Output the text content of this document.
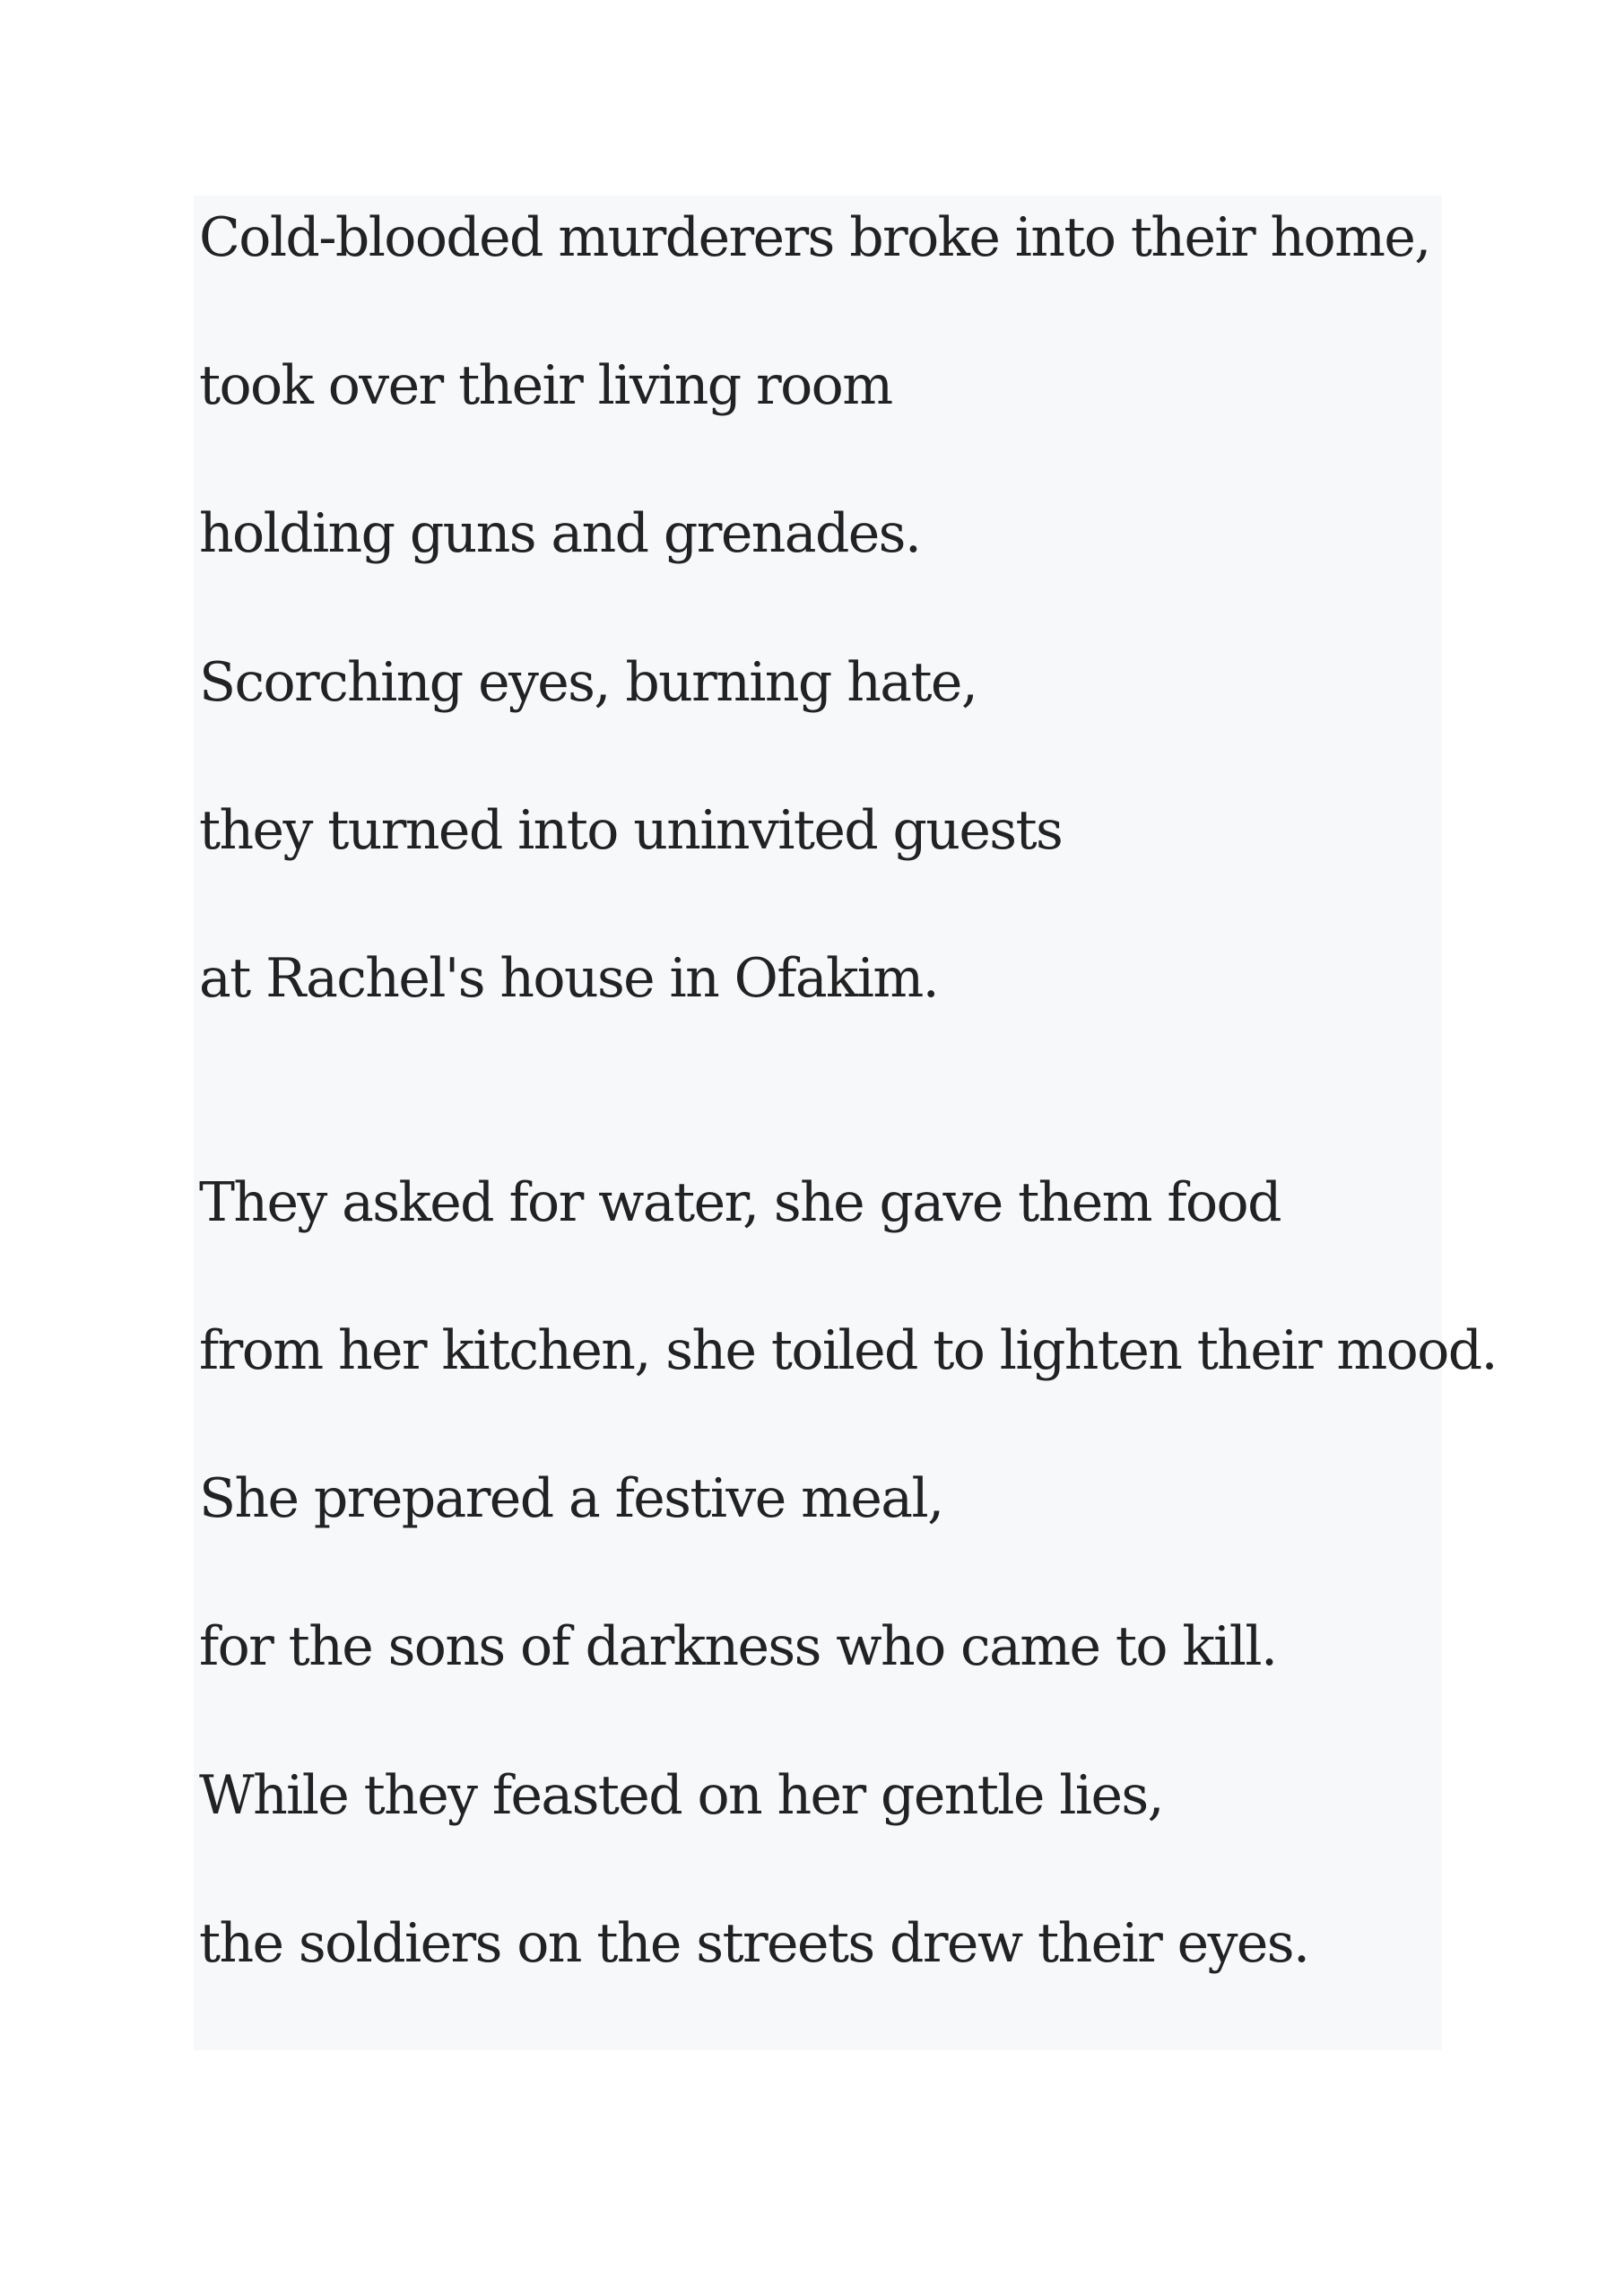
Cold-blooded murderers broke into their home,

took over their living room

holding guns and grenades.

Scorching eyes, burning hate,

they turned into uninvited guests

at Rachel's house in Ofakim.

They asked for water, she gave them food

from her kitchen, she toiled to lighten their mood.

She prepared a festive meal,

for the sons of darkness who came to kill.

While they feasted on her gentle lies,

the soldiers on the streets drew their eyes.
